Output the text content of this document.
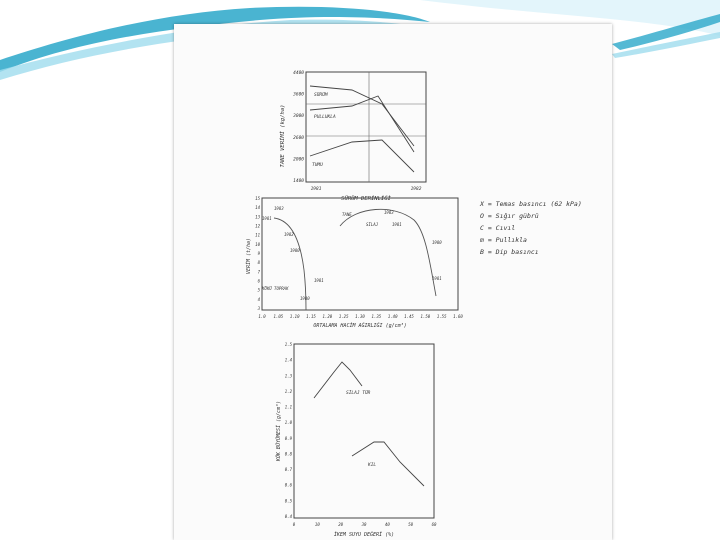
4400
3600
3000
2600
2000
1400
1981	1982
TANE VERİMİ (kg/ha)
SÜRÜM DERİNLİĞİ
SÜRÜM
PULLUKLA
TUMU
15
14
13
12
11
10
9
8
7
6
5
4
3
1.0 1.05 1.10 1.15 1.20 1.25 1.30 1.35 1.40 1.45 1.50 1.55 1.60
VERİM (t/ha)
ORTALAMA HACİM AĞIRLIĞI (g/cm³)
1983
1981
1982
1980
1981
TANE	1983
1981
SİLAJ
1980
KÖKÜ TOPRAK
1981
1980
X = Temas basıncı (62 kPa)
O = Sığır gübrü
C = Cıvıl
m = Pullıkla
B = Dip basıncı
1.5
1.4
1.3
1.2
1.1
1.0
0.9
0.8
0.7
0.6
0.5
0.4
0	10	20	30	40	50	60
KÖK BÜYÜMESİ (g/cm³)
İKEM SUYU DEĞERİ (%)
SİLAJ TÜR
KIL
